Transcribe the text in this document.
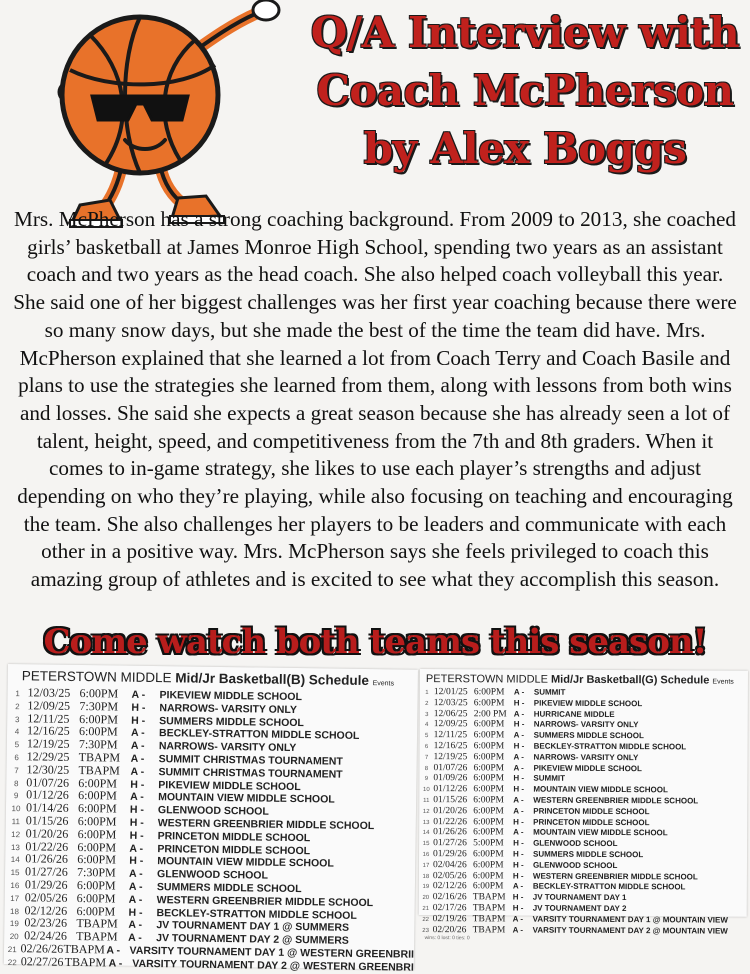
Q/A Interview with
Coach McPherson
by Alex Boggs
Mrs. McPherson has a strong coaching background. From 2009 to 2013, she coached
girls’ basketball at James Monroe High School, spending two years as an assistant
coach and two years as the head coach. She also helped coach volleyball this year.
She said one of her biggest challenges was her first year coaching because there were
so many snow days, but she made the best of the time the team did have. Mrs.
McPherson explained that she learned a lot from Coach Terry and Coach Basile and
plans to use the strategies she learned from them, along with lessons from both wins
and losses. She said she expects a great season because she has already seen a lot of
talent, height, speed, and competitiveness from the 7th and 8th graders. When it
comes to in-game strategy, she likes to use each player’s strengths and adjust
depending on who they’re playing, while also focusing on teaching and encouraging
the team. She also challenges her players to be leaders and communicate with each
other in a positive way. Mrs. McPherson says she feels privileged to coach this
amazing group of athletes and is excited to see what they accomplish this season.
Come watch both teams this season!
PETERSTOWN MIDDLE Mid/Jr Basketball(B) Schedule Events
1 12/03/25 6:00PM	A -	PIKEVIEW MIDDLE SCHOOL
2 12/09/25 7:30PM	H -	NARROWS- VARSITY ONLY
3 12/11/25 6:00PM	H -	SUMMERS MIDDLE SCHOOL
4 12/16/25 6:00PM	A -	BECKLEY-STRATTON MIDDLE SCHOOL
5 12/19/25 7:30PM	A -	NARROWS- VARSITY ONLY
6 12/29/25 TBAPM A -	SUMMIT CHRISTMAS TOURNAMENT
7 12/30/25 TBAPM A -	SUMMIT CHRISTMAS TOURNAMENT
8 01/07/26 6:00PM	H -	PIKEVIEW MIDDLE SCHOOL
9 01/12/26 6:00PM	A -	MOUNTAIN VIEW MIDDLE SCHOOL
10 01/14/26 6:00PM	H -	GLENWOOD SCHOOL
11 01/15/26 6:00PM	H -	WESTERN GREENBRIER MIDDLE SCHOOL
12 01/20/26 6:00PM	H -	PRINCETON MIDDLE SCHOOL
13 01/22/26 6:00PM	A -	PRINCETON MIDDLE SCHOOL
14 01/26/26 6:00PM	H -	MOUNTAIN VIEW MIDDLE SCHOOL
15 01/27/26 7:30PM	A -	GLENWOOD SCHOOL
16 01/29/26 6:00PM	A -	SUMMERS MIDDLE SCHOOL
17 02/05/26 6:00PM	A -	WESTERN GREENBRIER MIDDLE SCHOOL
18 02/12/26 6:00PM	H -	BECKLEY-STRATTON MIDDLE SCHOOL
19 02/23/26 TBAPM A -	JV TOURNAMENT DAY 1 @ SUMMERS
20 02/24/26 TBAPM A -	JV TOURNAMENT DAY 2 @ SUMMERS
21 02/26/26 TBAPM A - VARSITY TOURNAMENT DAY 1 @ WESTERN GREENBRII
22 02/27/26 TBAPM A - VARSITY TOURNAMENT DAY 2 @ WESTERN GREENBRI
PETERSTOWN MIDDLE Mid/Jr Basketball(G) Schedule Events
1 12/01/25 6:00PM	A -	SUMMIT
2 12/03/25 6:00PM	H -	PIKEVIEW MIDDLE SCHOOL
3 12/06/25 2:00 PM A -	HURRICANE MIDDLE
4 12/09/25 6:00PM	H -	NARROWS- VARSITY ONLY
5 12/11/25 6:00PM	A -	SUMMERS MIDDLE SCHOOL
6 12/16/25 6:00PM	H -	BECKLEY-STRATTON MIDDLE SCHOOL
7 12/19/25 6:00PM	A -	NARROWS- VARSITY ONLY
8 01/07/26 6:00PM	A -	PIKEVIEW MIDDLE SCHOOL
9 01/09/26 6:00PM	H -	SUMMIT
10 01/12/26 6:00PM	H -	MOUNTAIN VIEW MIDDLE SCHOOL
11 01/15/26 6:00PM	A -	WESTERN GREENBRIER MIDDLE SCHOOL
12 01/20/26 6:00PM	A -	PRINCETON MIDDLE SCHOOL
13 01/22/26 6:00PM	H -	PRINCETON MIDDLE SCHOOL
14 01/26/26 6:00PM	A -	MOUNTAIN VIEW MIDDLE SCHOOL
15 01/27/26 5:00PM	H -	GLENWOOD SCHOOL
16 01/29/26 6:00PM	H -	SUMMERS MIDDLE SCHOOL
17 02/04/26 6:00PM	H -	GLENWOOD SCHOOL
18 02/05/26 6:00PM	H -	WESTERN GREENBRIER MIDDLE SCHOOL
19 02/12/26 6:00PM	A -	BECKLEY-STRATTON MIDDLE SCHOOL
20 02/16/26 TBAPM H -	JV TOURNAMENT DAY 1
21 02/17/26 TBAPM H -	JV TOURNAMENT DAY 2
22 02/19/26 TBAPM A -	VARSITY TOURNAMENT DAY 1 @ MOUNTAIN VIEW
23 02/20/26 TBAPM A -	VARSITY TOURNAMENT DAY 2 @ MOUNTAIN VIEW
wins: 0 lost: 0 ties: 0
